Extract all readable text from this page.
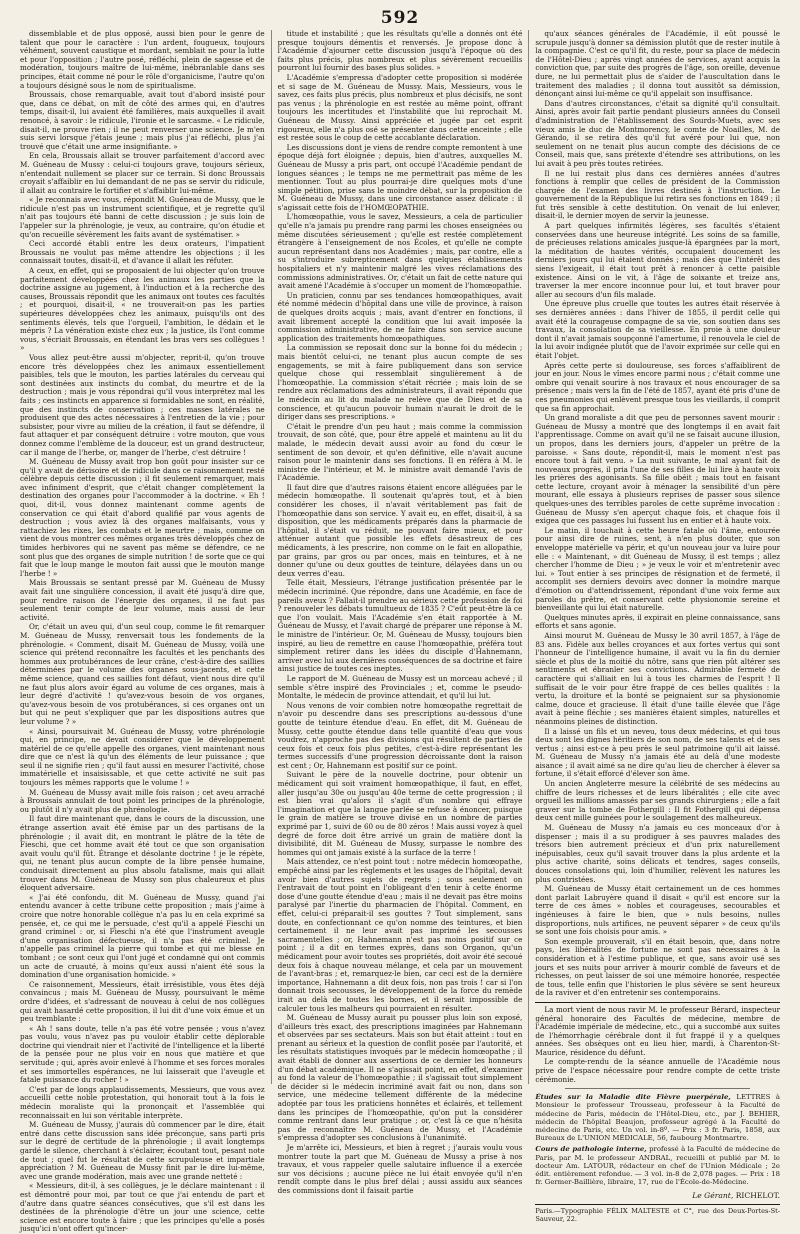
592

dissemblable et de plus opposé, aussi bien pour le genre de talent que pour le caractère : l'un ardent, fougueux, toujours véhément, souvent caustique et mordant, semblait ne pour la lutte et pour l'opposition ; l'autre posé, réfléchi, plein de sagesse et de modération, toujours maître de lui-même, inébranlable dans ses principes, était comme né pour le rôle d'organicisme, l'autre qu'on a toujours désigné sous le nom de spiritualisme.

Broussais, chose remarquable, avait tout d'abord insisté pour que, dans ce débat, on mît de côté des armes qui, en d'autres temps, disait-il, lui avaient été familières, mais auxquelles il avait renoncé, à savoir : le ridicule, l'ironie et le sarcasme. « Le ridicule, disait-il, ne prouve rien ; il ne peut renverser une science. Je m'en suis servi lorsque j'étais jeune ; mais plus j'ai réfléchi, plus j'ai trouvé que c'était une arme insignifiante. »

En cela, Broussais allait se trouver parfaitement d'accord avec M. Guéneau de Mussy : celui-ci toujours grave, toujours sérieux, n'entendait nullement se placer sur ce terrain. Si donc Broussais croyait s'affaiblir en lui demandant de ne pas se servir du ridicule, il allait au contraire le fortifier et s'affaiblir lui-même.

« Je reconnais avec vous, répondit M. Guéneau de Mussy, que le ridicule n'est pas un instrument scientifique, et je regrette qu'il n'ait pas toujours été banni de cette discussion ; je suis loin de l'appeler sur la phrénologie, je veux, au contraire, qu'on étudie et qu'on recueille sévèrement les faits avant de systématiser. »

Ceci accordé établi entre les deux orateurs, l'impatient Broussais ne voulut pas même attendre les objections ; il les connaissait toutes, disait-il, et d'avance il allait les réfuter.

A ceux, en effet, qui se proposaient de lui objecter qu'on trouve parfaitement développées chez les animaux les parties que la doctrine assigne au jugement, à l'induction et à la recherche des causes, Broussais répondit que les animaux ont toutes ces facultés ; et pourquoi, disait-il, « ne trouverait-on pas les parties supérieures développées chez les animaux, puisqu'ils ont des sentiments élevés, tels que l'orgueil, l'ambition, le dédain et le mépris ? La vénération existe chez eux ; la justice, ils l'ont comme vous, s'écriait Broussais, en étendant les bras vers ses collègues ! »

Vous allez peut-être aussi m'objecter, reprit-il, qu'on trouve encore très développées chez les animaux essentiellement paisibles, tels que le mouton, les parties latérales du cerveau qui sont destinées aux instincts du combat, du meurtre et de la destruction ; mais je vous répondrai qu'il vous interprétez mal les faits ; ces instincts en apparence si formidables ne sont, en réalité, que des instincts de conservation ; ces masses latérales ne produisent que des actes nécessaires à l'entretien de la vie ; pour subsister, pour vivre au milieu de la création, il faut se défendre, il faut attaquer et par conséquent détruire : votre mouton, que vous donnez comme l'emblème de la douceur, est un grand destructeur, car il mange de l'herbe, or, manger de l'herbe, c'est détruire !

M. Guéneau de Mussy avait trop bon goût pour insister sur ce qu'il y avait de dérisoire et de ridicule dans ce raisonnement resté célèbre depuis cette discussion ; il fit seulement remarquer, mais avec infiniment d'esprit, que c'était changer complètement la destination des organes pour l'accommoder à la doctrine. « Eh ! quoi, dit-il, vous donnez maintenant comme agents de conservation ce qui était d'abord qualifié par vous agents de destruction ; vous aviez là des organes malfaisants, vous y rattachiez les rixes, les combats et le meurtre ; mais, comme on vient de vous montrer ces mêmes organes très développés chez de timides herbivores qui ne savent pas même se défendre, ce ne sont plus que des organes de simple nutrition ! de sorte que ce qui fait que le loup mange le mouton fait aussi que le mouton mange l'herbe ! »

Mais Broussais se sentant pressé par M. Guéneau de Mussy avait fait une singulière concession, il avait été jusqu'à dire que, pour rendre raison de l'énergie des organes, il ne faut pas seulement tenir compte de leur volume, mais aussi de leur activité.

Or, c'était un aveu qui, d'un seul coup, comme le fit remarquer M. Guéneau de Mussy, renversait tous les fondements de la phrénologie. « Comment, disait M. Guéneau de Mussy, voilà une science qui prétend reconnaître les facultés et les penchants des hommes aux protubérances de leur crâne, c'est-à-dire des saillies déterminées par le volume des organes sous-jacents, et cette même science, quand ces saillies font défaut, vient nous dire qu'il ne faut plus alors avoir égard au volume de ces organes, mais à leur degré d'activité ! qu'avez-vous besoin de vos organes, qu'avez-vous besoin de vos protubérances, si ces organes ont un but qui ne peut s'expliquer que par les dispositions autres que leur volume ? »

« Ainsi, poursuivait M. Guéneau de Mussy, votre phrénologie qui, en principe, ne devait considérer que le développement matériel de ce qu'elle appelle des organes, vient maintenant nous dire que ce n'est là qu'un des éléments de leur puissance ; que seul il ne signifie rien ; qu'il faut aussi en mesurer l'activité, chose immatérielle et insaisissable, et que cette activité ne suit pas toujours les mêmes rapports que le volume ! »

M. Guéneau de Mussy avait mille fois raison ; cet aveu arraché à Broussais annulait de tout point les principes de la phrénologie, ou plutôt il n'y avait plus de phrénologie.

Il faut dire maintenant que, dans le cours de la discussion, une étrange assertion avait été émise par un des partisans de la phrénologie ; il avait dit, en montrant le plâtre de la tête de Fieschi, que cet homme avait été tout ce que son organisation avait voulu qu'il fût. Étrange et désolante doctrine ! je le répète, qui, ne tenant plus aucun compte de la libre pensée humaine, conduisait directement au plus absolu fatalisme, mais qui allait trouver dans M. Guéneau de Mussy son plus chaleureux et plus éloquent adversaire.

« J'ai été confondu, dit M. Guéneau de Mussy, quand j'ai entendu avancer à cette tribune cette proposition ; mais j'aime à croire que notre honorable collègue n'a pas lu en cela exprimé sa pensée, et, ce qui me le persuade, c'est qu'il a appelé Fieschi un grand criminel : or, si Fieschi n'a été que l'instrument aveugle d'une organisation défectueuse, il n'a pas été criminel. Je n'appelle pas criminel la pierre qui tombe et qui me blesse en tombant ; ce sont ceux qui l'ont jugé et condamné qui ont commis un acte de cruauté, à moins qu'eux aussi n'aient été sous la domination d'une organisation homicide. »

Ce raisonnement, Messieurs, était irrésistible, vous êtes déjà convaincus ; mais M. Guéneau de Mussy, poursuivant le même ordre d'idées, et s'adressant de nouveau à celui de nos collègues qui avait hasardé cette proposition, il lui dit d'une voix émue et un peu tremblante :

« Ah ! sans doute, telle n'a pas été votre pensée ; vous n'avez pas voulu, vous n'avez pas pu vouloir établir cette déplorable doctrine qui viendrait nier et l'activité de l'intelligence et la liberté de la pensée pour ne plus voir en nous que matière et que servitude ; qui, après avoir enlevé à l'homme et ses forces morales et ses immortelles espérances, ne lui laisserait que l'aveugle et fatale puissance du rocher ! »

C'est par de longs applaudissements, Messieurs, que vous avez accueilli cette noble protestation, qui honorait tout à la fois le médecin moraliste qui la prononçait et l'assemblée qui reconnaissait en lui son véritable interprète.

M. Guéneau de Mussy, j'aurais dû commencer par le dire, était entré dans cette discussion sans idée préconçue, sans parti pris sur le degré de certitude de la phrénologie ; il avait longtemps gardé le silence, cherchant à s'éclairer, écoutant tout, pesant note de tout ; quel fut le résultat de cette scrupuleuse et impartiale appréciation ? M. Guéneau de Mussy finit par le dire lui-même, avec une grande modération, mais avec une grande netteté :

« Messieurs, dit-il, à ses collègues, je le déclare maintenant : il est démontré pour moi, par tout ce que j'ai entendu de part et d'autre dans quatre séances consécutives, que s'il est dans les destinées de la phrénologie d'être un jour une science, cette science est encore toute à faire ; que les principes qu'elle a posés jusqu'ici n'ont offert qu'incer-

titude et instabilité ; que les résultats qu'elle a donnés ont été presque toujours démentis et renversés. Je propose donc à l'Académie d'ajourner cette discussion jusqu'à l'époque où des faits plus précis, plus nombreux et plus sévèrement recueillis pourront lui fournir des bases plus solides. »

L'Académie s'empressa d'adopter cette proposition si modérée et si sage de M. Guéneau de Mussy. Mais, Messieurs, vous le savez, ces faits plus précis, plus nombreux et plus décisifs, ne sont pas venus ; la phrénologie en est restée au même point, offrant toujours les incertitudes et l'instabilité que lui reprochait M. Guéneau de Mussy. Ainsi appréciée et jugée par cet esprit rigoureux, elle n'a plus osé se présenter dans cette enceinte ; elle est restée sous le coup de cette accablante déclaration.

Les discussions dont je viens de rendre compte remontent à une époque déjà fort éloignée ; depuis, bien d'autres, auxquelles M. Guéneau de Mussy a pris part, ont occupé l'Académie pendant de longues séances ; le temps ne me permettrait pas même de les mentionner. Tout au plus pourrai-je dire quelques mots d'une simple pétition, prise sans le moindre débat, sur la proposition de M. Guéneau de Mussy, dans une circonstance assez délicate : il s'agissait cette fois de l'HOMŒOPATHIE.

L'homœopathie, vous le savez, Messieurs, a cela de particulier qu'elle n'a jamais pu prendre rang parmi les choses enseignées ou même discutées sérieusement ; qu'elle est restée complètement étrangère à l'enseignement de nos Écoles, et qu'elle ne compte aucun représentant dans nos Académies ; mais, par contre, elle a su s'introduire subrepticement dans quelques établissements hospitaliers et n'y maintenir malgré les vives réclamations des commissions administratives. Or, c'était un fait de cette nature qui avait amené l'Académie à s'occuper un moment de l'homœopathie.

Un praticien, connu par ses tendances homœopathiques, avait été nommé médecin d'hôpital dans une ville de province, à raison de quelques droits acquis ; mais, avant d'entrer en fonctions, il avait librement accepté la condition que lui avait imposée la commission administrative, de ne faire dans son service aucune application des traitements homœopathiques.

La commission se reposait donc sur la bonne foi du médecin ; mais bientôt celui-ci, ne tenant plus aucun compte de ses engagements, se mit à faire publiquement dans son service quelque chose qui ressemblait singulièrement à de l'homœopathie. La commission s'était récriée ; mais loin de se rendre aux réclamations des administrateurs, il avait répondu que le médecin au lit du malade ne relève que de Dieu et de sa conscience, et qu'aucun pouvoir humain n'aurait le droit de le diriger dans ses prescriptions. »

C'était le prendre d'un peu haut ; mais comme la commission trouvait, de son côté, que, pour être appelé et maintenu au lit du malade, le médecin devait aussi avoir au fond du cœur le sentiment de son devoir, et qu'en définitive, elle n'avait aucune raison pour le maintenir dans ses fonctions. Il en référa à M. le ministre de l'intérieur, et M. le ministre avait demandé l'avis de l'Académie.

Il faut dire que d'autres raisons étaient encore alléguées par le médecin homœopathe. Il soutenait qu'après tout, et à bien considérer les choses, il n'avait véritablement pas fait de l'homœopathie dans son service. Y avait eu, en effet, disait-il, à sa disposition, que les médicaments préparés dans la pharmacie de l'hôpital, il s'était vu réduit, ne pouvant faire mieux, et pour atténuer autant que possible les effets désastreux de ces médicaments, à les prescrire, non comme on le fait en allopathie, par grains, par gros ou par onces, mais en teintures, et à ne donner qu'une ou deux gouttes de teinture, délayées dans un ou deux verres d'eau.

Telle était, Messieurs, l'étrange justification présentée par le médecin incriminé. Que répondre, dans une Académie, en face de pareils aveux ? Fallait-il prendre au sérieux cette profession de foi ? renouveler les débats tumultueux de 1835 ? C'eût peut-être là ce que l'on voulait. Mais l'Académie s'en était rapportée à M. Guéneau de Mussy, et l'avait chargé de préparer une réponse à M. le ministre de l'intérieur. Or, M. Guéneau de Mussy, toujours bien inspiré, au lieu de remettre en cause l'homœopathie, préféra tout simplement retirer dans les idées du disciple d'Hahnemann, arriver avec lui aux dernières conséquences de sa doctrine et faire ainsi justice de toutes ces ineptes.

Le rapport de M. Guéneau de Mussy est un morceau achevé ; il semble s'être inspiré des Provinciales ; et, comme le pseudo-Montalte, le médecin de province attendait, et qu'il lui lut.

Nous venons de voir combien notre homœopathe regrettait de n'avoir pu descendre dans ses prescriptions au-dessous d'une goutte de teinture étendue d'eau. En effet, dit M. Guéneau de Mussy, cette goutte étendue dans telle quantité d'eau que vous voudrez, n'approche pas des divisions qui résultent de parties de ceux fois et ceux fois plus petites, c'est-à-dire représentant les termes successifs d'une progression décroissante dont la raison est cent ; Or, Hahnemann est positif sur ce point.

Suivant le père de la nouvelle doctrine, pour obtenir un médicament qui soit vraiment homœopathique, il faut, en effet, aller jusqu'au 30e ou jusqu'au 40e terme de cette progression ; il est bien vrai qu'alors il s'agit d'un nombre qui effraye l'imagination et que la langue parlée se refuse à énoncer, puisque le grain de matière se trouve divisé en un nombre de parties exprimé par 1, suivi de 60 ou de 80 zéros ! Mais aussi voyez à quel degré de force doit être arrivé un grain de matière dont la divisibilité, dit M. Guéneau de Mussy, surpasse le nombre des hommes qui ont jamais existé à la surface de la terre !

Mais attendez, ce n'est point tout : notre médecin homœopathe, empêché ainsi par les règlements et les usages de l'hôpital, devait avoir bien d'autres sujets de regrets ; sous seulement on l'entravait de tout point en l'obligeant d'en tenir à cette énorme dose d'une goutte étendue d'eau ; mais il ne devait pas être moins paralysé par l'inertie du pharmacien de l'hôpital. Comment, en effet, celui-ci préparait-il ses gouttes ? Tout simplement, sans doute, en confectionnant ce qu'on nomme des teintures, et bien certainement il ne leur avait pas imprimé les secousses sacramentelles ; or, Hahnemann n'est pas moins positif sur ce point ; il a dit en termes exprès, dans son Organon, qu'un médicament pour avoir toutes ses propriétés, doit avoir été secoué deux fois à chaque nouveau mélange, et cela par un mouvement de l'avant-bras ; et, remarquez-le bien, car ceci est de la dernière importance, Hahnemann a dit deux fois, non pas trois ! car si l'on donnait trois secousses, le développement de la force du remède irait au delà de toutes les bornes, et il serait impossible de calculer tous les malheurs qui pourraient en résulter.

M. Guéneau de Mussy aurait pu pousser plus loin son exposé, d'ailleurs très exact, des prescriptions imaginées par Hahnemann et observées par ses sectateurs. Mais son but était atteint : tout en prenant au sérieux et la question de conflit posée par l'autorité, et les résultats statistiques invoqués par le médecin homœopathe ; il avait établi de donner aux assertions de ce dernier les honneurs d'un débat académique. Il ne s'agissait point, en effet, d'examiner au fond la valeur de l'homœopathie ; il s'agissait tout simplement de décider si le médecin incriminé avait fait ou non, dans son service, une médecine tellement différente de la médecine adoptée par tous les praticiens honnêtes et éclairés, et tellement dans les principes de l'homœopathie, qu'on put la considérer comme rentrant dans leur pratique ; or, c'est là ce que n'hésita pas de reconnaître M. Guéneau de Mussy, et l'Académie s'empressa d'adopter ses conclusions à l'unanimité.

Je m'arrête ici, Messieurs, et bien à regret ; j'aurais voulu vous montrer toute la part que M. Guéneau de Mussy a prise à nos travaux, et vous rappeler quelle salutaire influence il a exercée sur vos décisions ; aucune pièce ne lui était envoyée qu'il n'en rendît compte dans le plus bref délai ; aussi assidu aux séances des commissions dont il faisait partie

qu'aux séances générales de l'Académie, il eût poussé le scrupule jusqu'à donner sa démission plutôt que de rester inutile à la compagnie. C'est ce qu'il fit, du reste, pour sa place de médecin de l'Hôtel-Dieu ; après vingt années de services, ayant acquis la conviction que, par suite des progrès de l'âge, son oreille, devenue dure, ne lui permettait plus de s'aider de l'auscultation dans le traitement des maladies ; il donna tout aussitôt sa démission, dénonçant ainsi lui-même ce qu'il appelait son insuffisance.

Dans d'autres circonstances, c'était sa dignité qu'il consultait. Ainsi, après avoir fait partie pendant plusieurs années du Conseil d'administration de l'établissement des Sourds-Muets, avec ses vieux amis le duc de Montmorency, le comte de Noailles, M. de Gérando, il se retira dès qu'il fut avéré pour lui que, non seulement on ne tenait plus aucun compte des décisions de ce Conseil, mais que, sans prétexte d'étendre ses attributions, on les lui avait à peu près toutes retirées.

Il ne lui restait plus dans ces dernières années d'autres fonctions à remplir que celles de président de la Commission chargée de l'examen des livres destinés à l'instruction. Le gouvernement de la République lui retira ses fonctions en 1849 ; il fut très sensible à cette destitution. On venait de lui enlever, disait-il, le dernier moyen de servir la jeunesse.

A part quelques infirmités légères, ses facultés s'étaient conservées dans une heureuse intégrité. Les soins de sa famille, de précieuses relations amicales jusque-là épargnées par la mort, la méditation de hautes vérités, occupaient doucement les derniers jours qui lui étaient donnés ; mais dès que l'intérêt des siens l'exigeait, il était tout prêt à renoncer à cette paisible existence. Ainsi on le vit, à l'âge de soixante et treize ans, traverser la mer encore inconnue pour lui, et tout braver pour aller au secours d'un fils malade.

Une épreuve plus cruelle que toutes les autres était réservée à ses dernières années : dans l'hiver de 1855, il perdit celle qui avait été la courageuse compagne de sa vie, son soutien dans ses travaux, la consolation de sa vieillesse. En proie à une douleur dont il n'avait jamais soupçonné l'amertume, il renouvela le ciel de la lui avoir indignée plutôt que de l'avoir exprimée sur celle qui en était l'objet.

Après cette perte si douloureuse, ses forces s'affaiblirent de jour en jour. Nous le vîmes encore parmi nous ; c'était comme une ombre qui venait sourire à nos travaux et nous encourager de sa présence ; mais vers la fin de l'été de 1857, ayant été pris d'une de ces pneumonies qui enlèvent presque tous les vieillards, il comprit que sa fin approchait.

Un grand moraliste a dit que peu de personnes savent mourir : Guéneau de Mussy a montré que des longtemps il en avait fait l'apprentissage. Comme on avait qu'il ne se faisait aucune illusion, un propos, dans les derniers jours, d'appeler un prêtre de la paroisse. « Sans doute, répondit-il, mais le moment n'est pas encore tout à fait venu. » La nuit suivante, le mal ayant fait de nouveaux progrès, il pria l'une de ses filles de lui lire à haute voix les prières des agonisants. Sa fille obéit ; mais tout en faisant cette lecture, croyant avoir à ménager la sensibilité d'un père mourant, elle essaya à plusieurs reprises de passer sous silence quelques-unes des terribles paroles de cette suprême invocation : Guéneau de Mussy s'en aperçut chaque fois, et chaque fois il exigea que ces passages lui fussent lus en entier et à haute voix.

Le matin, il touchait à cette heure fatale où l'âme, entourée pour ainsi dire de ruines, sent, à n'en plus douter, que son enveloppe matérielle va périr, et qu'un nouveau jour va luire pour elle : « Maintenant, » dit Guéneau de Mussy, il est temps ; allez chercher l'homme de Dieu ; » je veux le voir et m'entretenir avec lui. » Tout entier à ses principes de résignation et de fermeté, il accomplit ses derniers devoirs avec donner la moindre marque d'émotion ou d'attendrissement, répondant d'une voix ferme aux paroles du prêtre, et conservant cette physionomie sereine et bienveillante qui lui était naturelle.

Quelques minutes après, il expirait en pleine connaissance, sans efforts et sans agonie.

Ainsi mourut M. Guéneau de Mussy le 30 avril 1857, à l'âge de 83 ans. Fidèle aux belles croyances et aux fortes vertus qui sont l'honneur de l'intelligence humaine, il avait vu la fin du dernier siècle et plus de la moitié du nôtre, sans que rien pût altérer ses sentiments et ébranler ses convictions. Admirable fermeté de caractère qui s'alliait en lui à tous les charmes de l'esprit ! Il suffisait de le voir pour être frappé de ces belles qualités : la vertu, la droiture et la bonté se peignaient sur sa physionomie calme, douce et gracieuse. Il était d'une taille élevée que l'âge avait à peine fléchie ; ses manières étaient simples, naturelles et néanmoins pleines de distinction.

Il a laissé un fils et un neveu, tous deux médecins, et qui tous deux sont les dignes héritiers de son nom, de ses talents et de ses vertus ; ainsi est-ce à peu près le seul patrimoine qu'il ait laissé. M. Guéneau de Mussy n'a jamais été au delà d'une modeste aisance ; il avait aimé sa ne dire qu'au lieu de chercher à élever sa fortune, il s'était efforcé d'élever son âme.

Un ancien Angleterre mesure la célébrité de ses médecins au chiffre de leurs richesses et de leurs libéralités ; elle cite avec orgueil les millions amassés par ses grands chirurgiens ; elle a fait graver sur la tombe de Fothergill : Il fit Fothergill qui dépensa deux cent mille guinées pour le soulagement des malheureux.

M. Guéneau de Mussy n'a jamais eu ces monceaux d'or à dispenser ; mais il a su prodiguer à ses pauvres malades des trésors bien autrement précieux et d'un prix naturellement inépuisables, ceux qu'il savait trouver dans la plus ardente et la plus active charité, soins délicats et tendres, sages conseils, douces consolations qui, loin d'humilier, relèvent les natures les plus contristées.

M. Guéneau de Mussy était certainement un de ces hommes dont parlait Labruyère quand il disait « qu'il est encore sur la terre de ces âmes » nobles et courageuses, secourables et ingénieuses à faire le bien, que » nuls besoins, nulles disproportions, nuls artifices, ne peuvent séparer » de ceux qu'ils se sont une fois choisis pour amis. »

Son exemple prouverait, s'il en était besoin, que, dans notre pays, les libéralités de fortune ne sont pas nécessaires à la considération et à l'estime publique, et que, sans avoir usé ses jours et ses nuits pour arriver à mourir comblé de faveurs et de richesses, on peut laisser de soi une mémoire honorée, respectée de tous, telle enfin que l'historien le plus sévère se sent heureux de la raviver et d'en entretenir ses contemporains.

La mort vient de nous ravir M. le professeur Bérard, inspecteur général honoraire des Facultés de médecine, membre de l'Académie impériale de médecine, etc., qui a succombé aux suites de l'hémorrhagie cérébrale dont il fut frappé il y a quelques années. Ses obsèques ont eu lieu hier, mardi, à Charenton-St-Maurice, résidence du défunt.

Le compte-rendu de la séance annuelle de l'Académie nous prive de l'espace nécessaire pour rendre compte de cette triste cérémonie.

Études sur la Maladie dite Fièvre puerpérale, LETTRES à Monsieur le professeur Trousseau, professeur à la Faculté de médecine de Paris, médecin de l'Hôtel-Dieu, etc., par J. BEHIER, médecin de l'hôpital Beaujon, professeur agrégé à la Faculté de médecine de Paris, etc. Un vol. in-8º. — Prix : 3 fr. Paris, 1858, aux Bureaux de L'UNION MÉDICALE, 56, faubourg Montmartre.
Cours de pathologie interne, professé à la Faculté de médecine de Paris, par M. le professeur ANDRAL, recueilli et publié par M. le docteur Am. LATOUR, rédacteur en chef de l'Union Médicale ; 2e édit. entièrement refondue. — 3 vol. in-8 de 2,078 pages. — Prix : 18 fr. Germer-Baillière, libraire, 17, rue de l'École-de-Médecine.
Le Gérant, RICHELOT.
Paris.—Typographie FÉLIX MALTESTE et C°, rue des Deux-Portes-St-Sauveur, 22.
